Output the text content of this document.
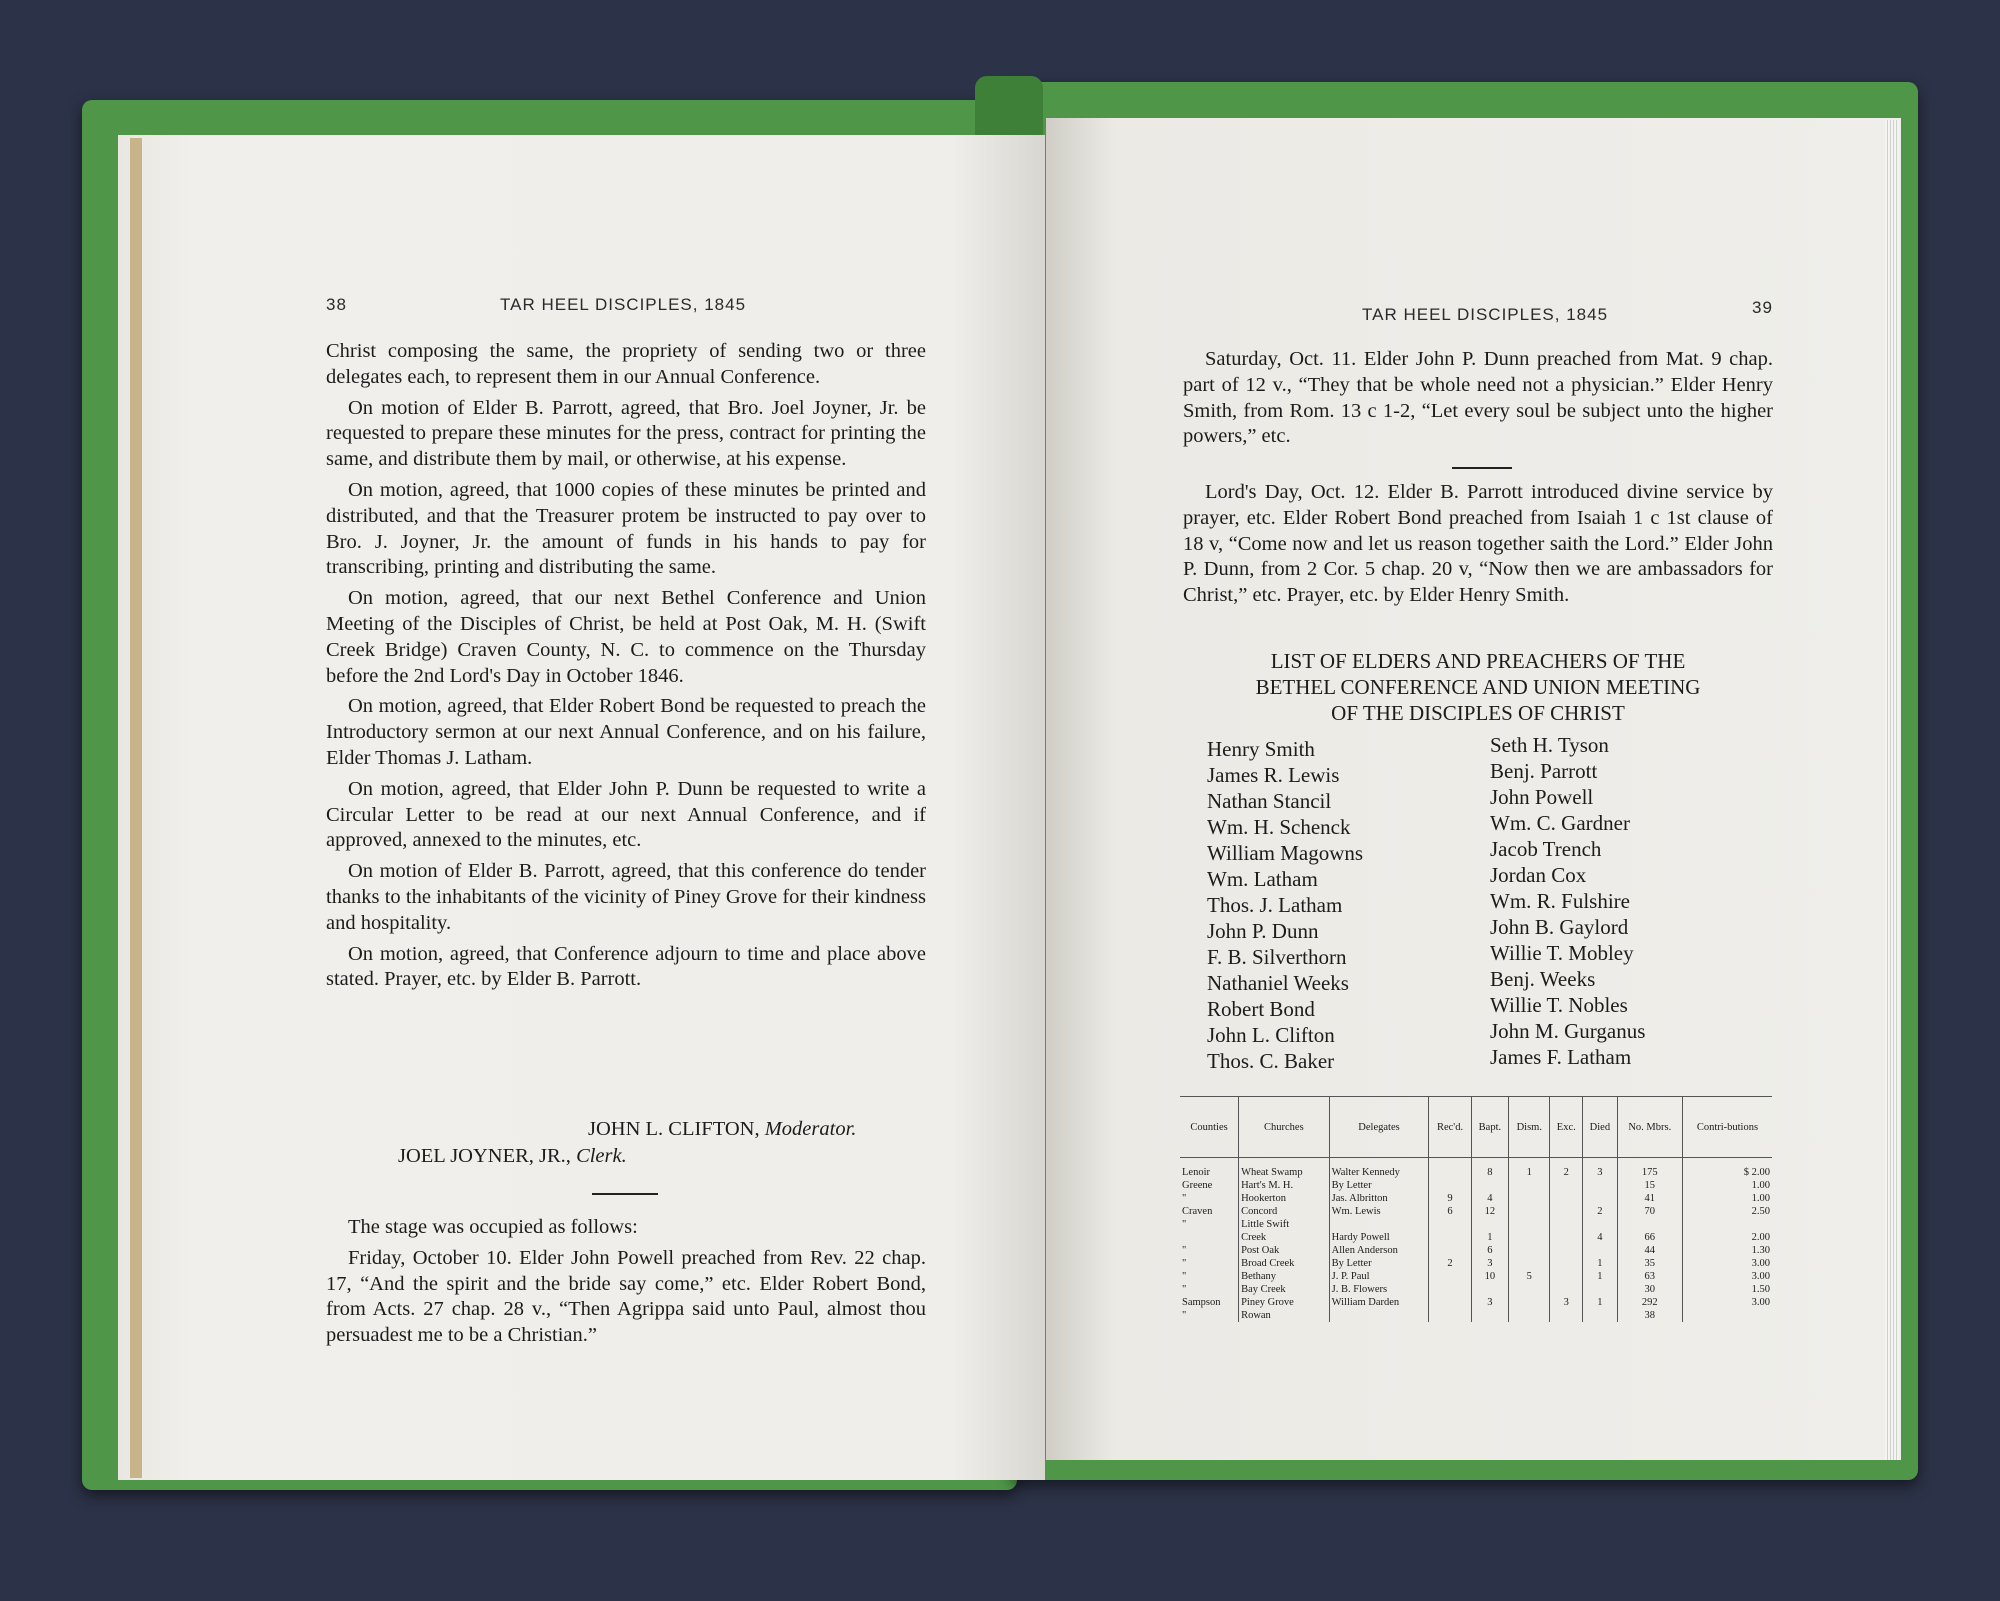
38	TAR HEEL DISCIPLES, 1845

Christ composing the same, the propriety of sending two or three delegates each, to represent them in our Annual Conference.

On motion of Elder B. Parrott, agreed, that Bro. Joel Joyner, Jr. be requested to prepare these minutes for the press, contract for printing the same, and distribute them by mail, or otherwise, at his expense.

On motion, agreed, that 1000 copies of these minutes be printed and distributed, and that the Treasurer protem be instructed to pay over to Bro. J. Joyner, Jr. the amount of funds in his hands to pay for transcribing, printing and distributing the same.

On motion, agreed, that our next Bethel Conference and Union Meeting of the Disciples of Christ, be held at Post Oak, M. H. (Swift Creek Bridge) Craven County, N. C. to commence on the Thursday before the 2nd Lord's Day in October 1846.

On motion, agreed, that Elder Robert Bond be requested to preach the Introductory sermon at our next Annual Conference, and on his failure, Elder Thomas J. Latham.

On motion, agreed, that Elder John P. Dunn be requested to write a Circular Letter to be read at our next Annual Conference, and if approved, annexed to the minutes, etc.

On motion of Elder B. Parrott, agreed, that this conference do tender thanks to the inhabitants of the vicinity of Piney Grove for their kindness and hospitality.

On motion, agreed, that Conference adjourn to time and place above stated. Prayer, etc. by Elder B. Parrott.

JOHN L. CLIFTON, Moderator.
JOEL JOYNER, JR., Clerk.

The stage was occupied as follows:

Friday, October 10. Elder John Powell preached from Rev. 22 chap. 17, “And the spirit and the bride say come,” etc. Elder Robert Bond, from Acts. 27 chap. 28 v., “Then Agrippa said unto Paul, almost thou persuadest me to be a Christian.”

TAR HEEL DISCIPLES, 1845	39

Saturday, Oct. 11. Elder John P. Dunn preached from Mat. 9 chap. part of 12 v., “They that be whole need not a physician.” Elder Henry Smith, from Rom. 13 c 1-2, “Let every soul be subject unto the higher powers,” etc.

Lord's Day, Oct. 12. Elder B. Parrott introduced divine service by prayer, etc. Elder Robert Bond preached from Isaiah 1 c 1st clause of 18 v, “Come now and let us reason together saith the Lord.” Elder John P. Dunn, from 2 Cor. 5 chap. 20 v, “Now then we are ambassadors for Christ,” etc. Prayer, etc. by Elder Henry Smith.

LIST OF ELDERS AND PREACHERS OF THE
BETHEL CONFERENCE AND UNION MEETING
OF THE DISCIPLES OF CHRIST
Henry Smith
James R. Lewis
Nathan Stancil
Wm. H. Schenck
William Magowns
Wm. Latham
Thos. J. Latham
John P. Dunn
F. B. Silverthorn
Nathaniel Weeks
Robert Bond
John L. Clifton
Thos. C. Baker
Seth H. Tyson
Benj. Parrott
John Powell
Wm. C. Gardner
Jacob Trench
Jordan Cox
Wm. R. Fulshire
John B. Gaylord
Willie T. Mobley
Benj. Weeks
Willie T. Nobles
John M. Gurganus
James F. Latham
Counties	Churches	Delegates	Rec'd.	Bapt.	Dism.	Exc.	Died	No. Mbrs.	Contri-butions
Lenoir	Wheat Swamp	Walter Kennedy		8	1	2	3	175	$ 2.00
Greene	Hart's M. H.	By Letter						15	1.00
"	Hookerton	Jas. Albritton	9	4				41	1.00
Craven	Concord	Wm. Lewis	6	12			2	70	2.50
"	Little Swift								
	Creek	Hardy Powell		1			4	66	2.00
"	Post Oak	Allen Anderson		6				44	1.30
"	Broad Creek	By Letter	2	3			1	35	3.00
"	Bethany	J. P. Paul		10	5		1	63	3.00
"	Bay Creek	J. B. Flowers						30	1.50
Sampson	Piney Grove	William Darden		3		3	1	292	3.00
"	Rowan							38	
